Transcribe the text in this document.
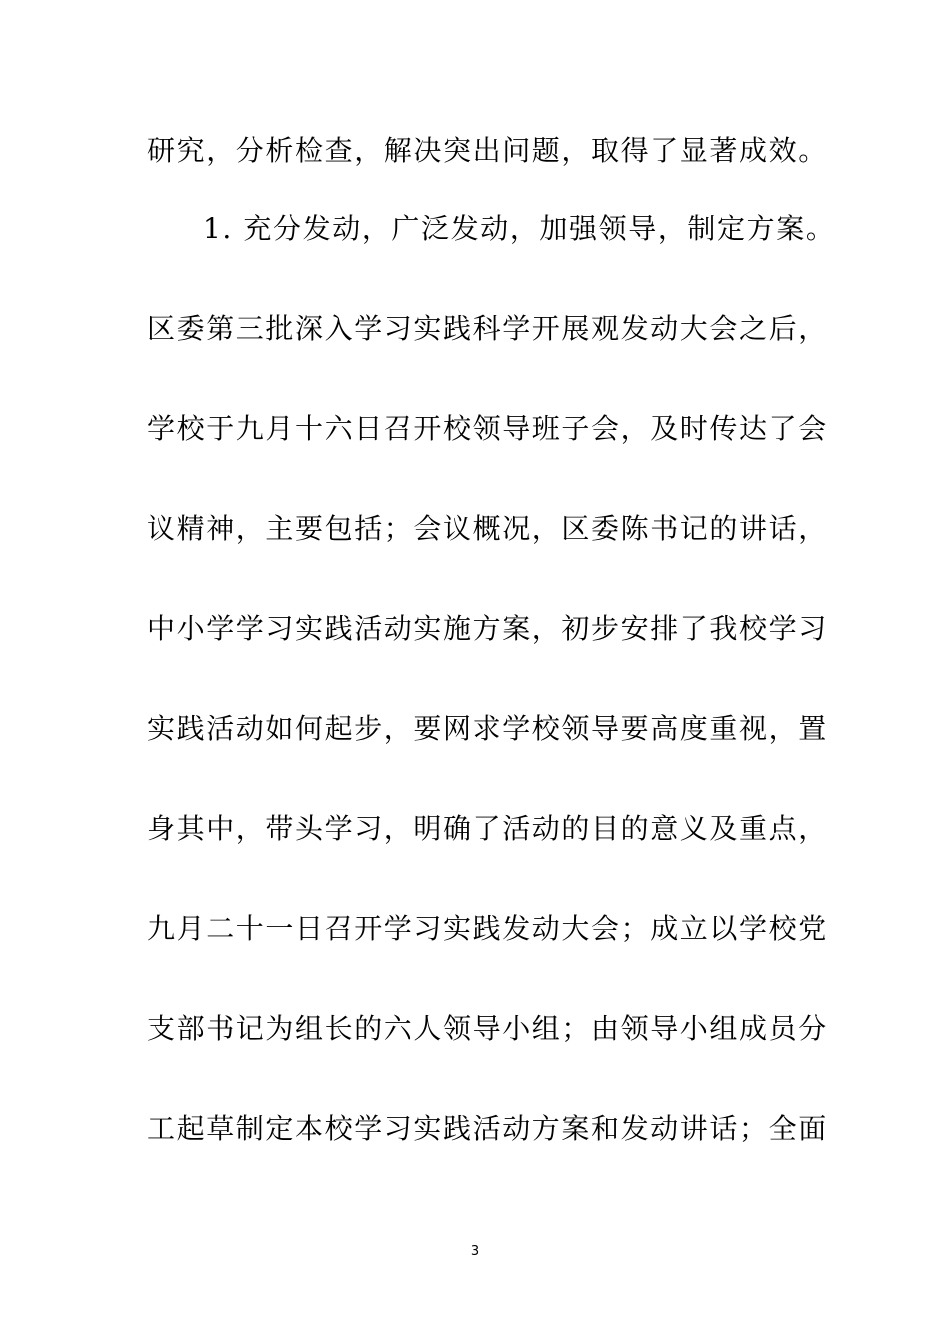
研究，分析检查，解决突出问题，取得了显著成效。
1. 充分发动，广泛发动，加强领导，制定方案。
区委第三批深入学习实践科学开展观发动大会之后，
学校于九月十六日召开校领导班子会，及时传达了会
议精神，主要包括；会议概况，区委陈书记的讲话，
中小学学习实践活动实施方案，初步安排了我校学习
实践活动如何起步，要网求学校领导要高度重视，置
身其中，带头学习，明确了活动的目的意义及重点，
九月二十一日召开学习实践发动大会；成立以学校党
支部书记为组长的六人领导小组；由领导小组成员分
工起草制定本校学习实践活动方案和发动讲话；全面
3
